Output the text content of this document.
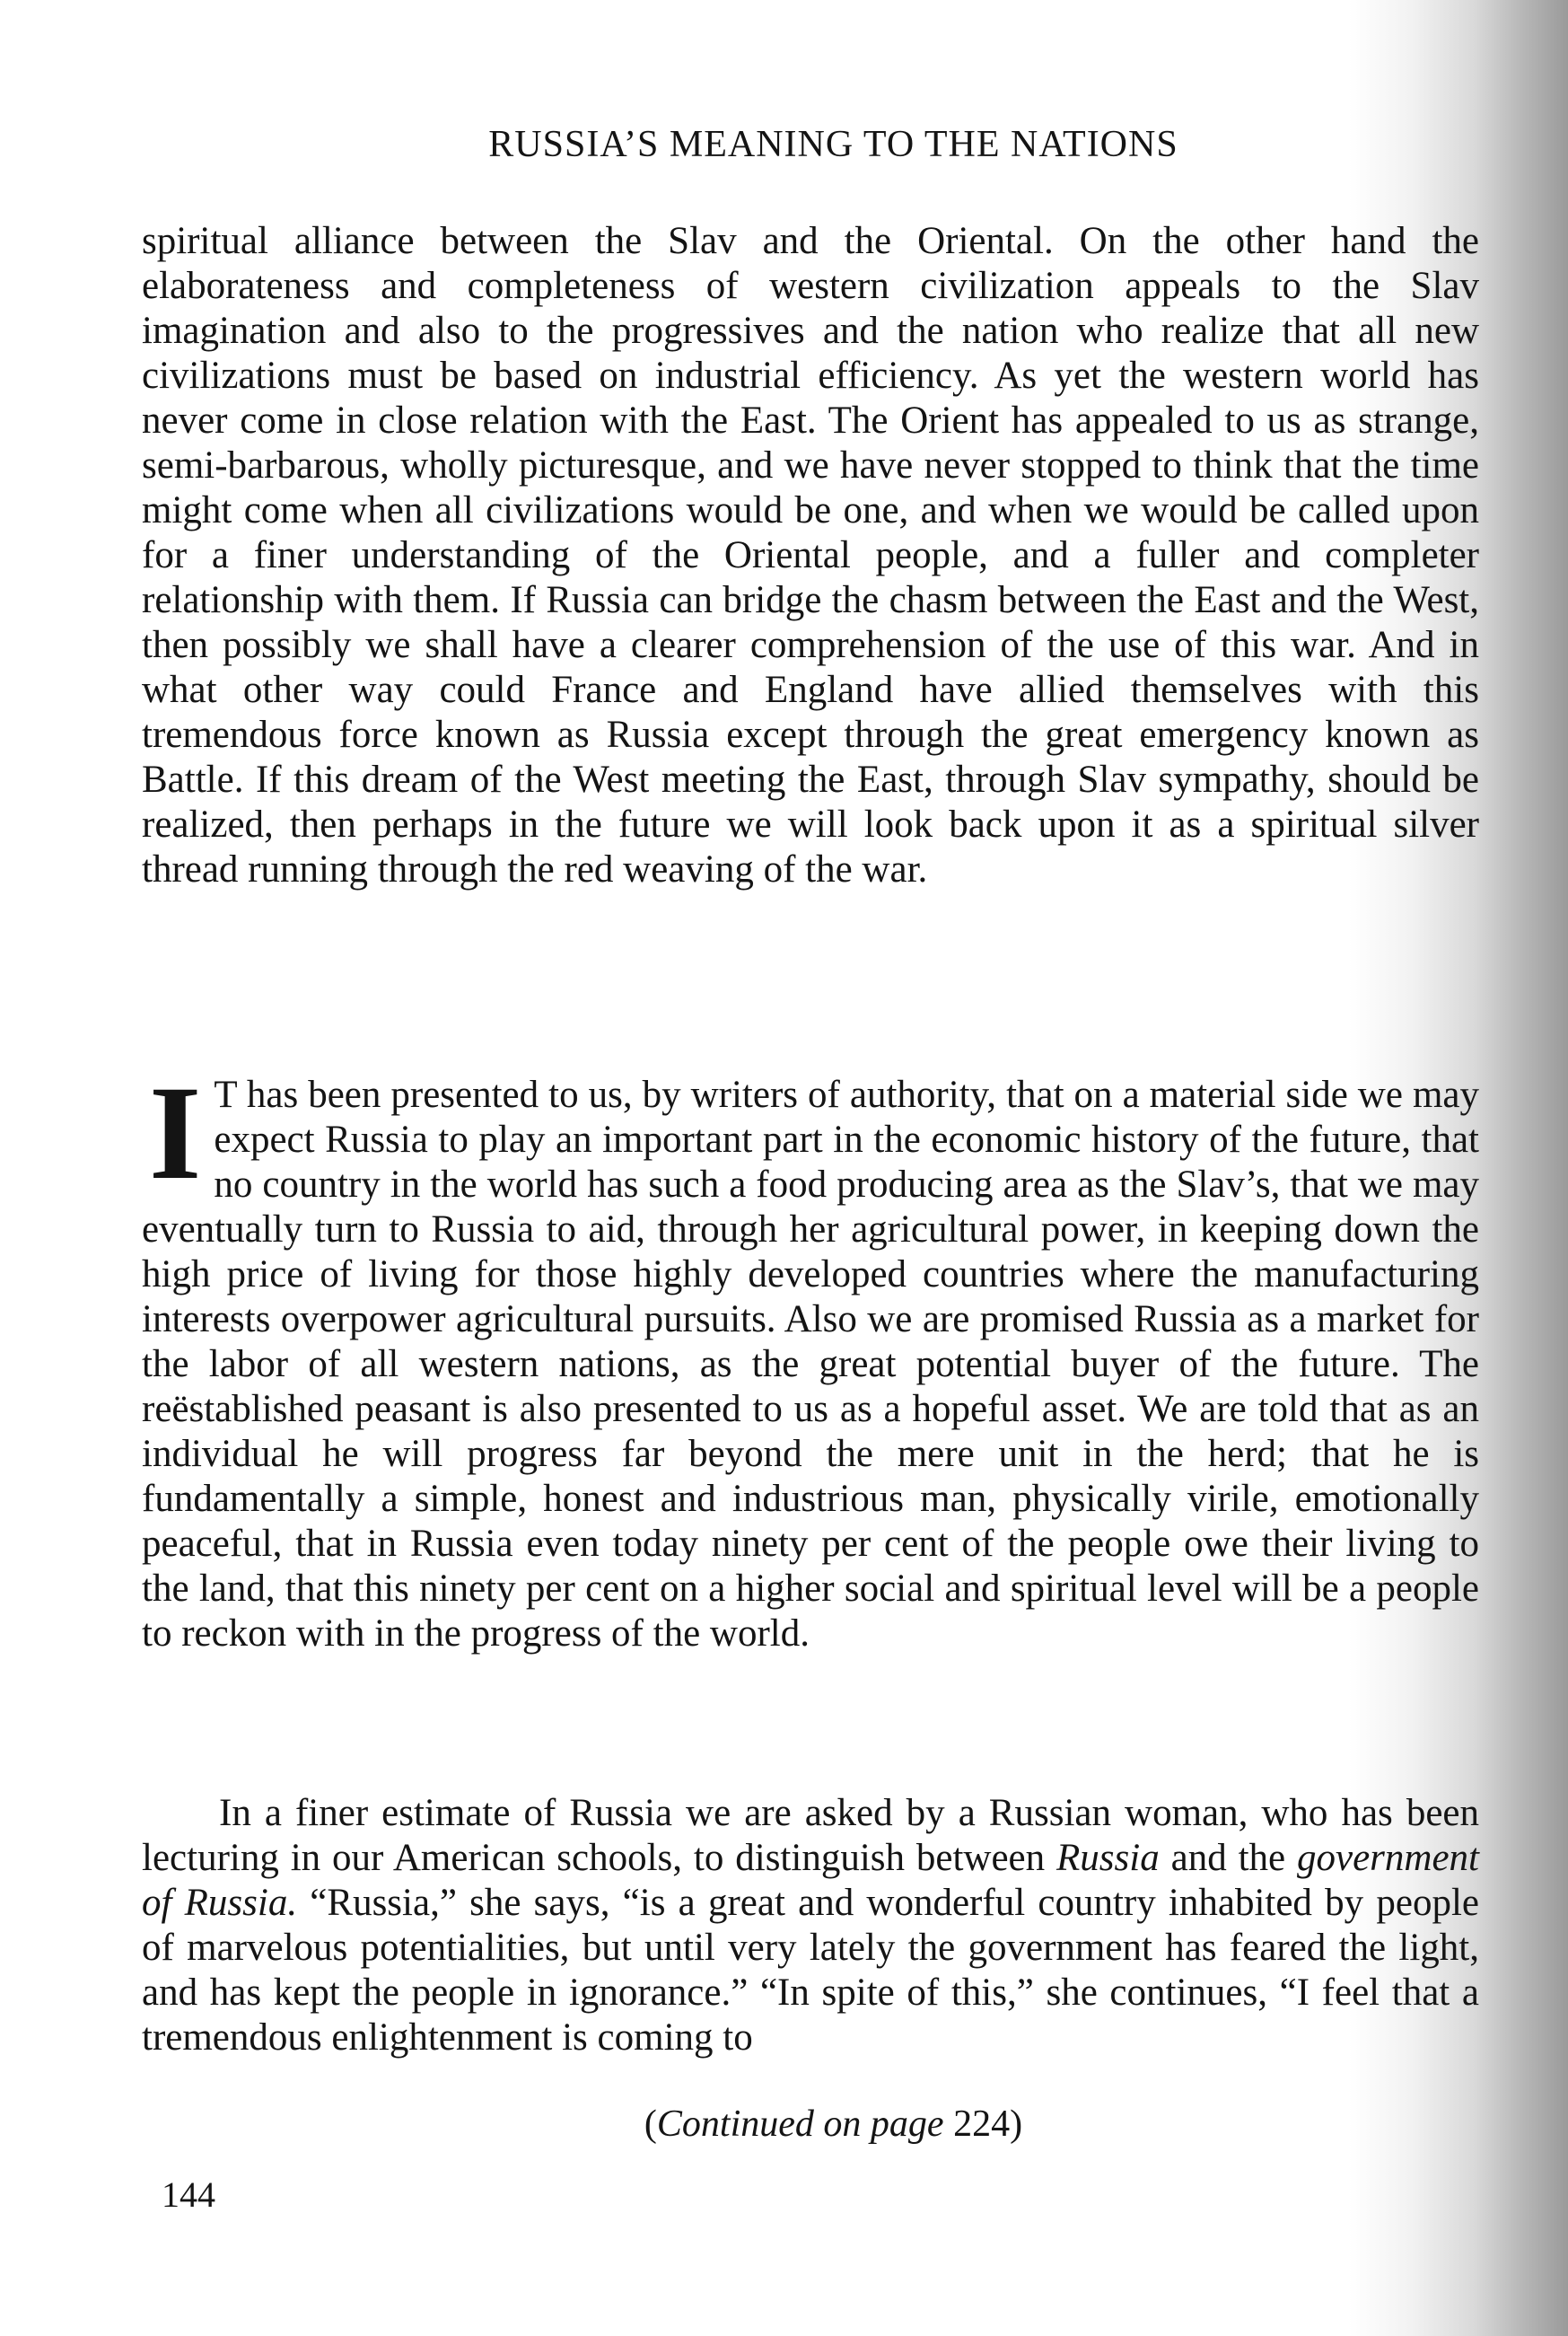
RUSSIA’S MEANING TO THE NATIONS

spiritual alliance between the Slav and the Oriental. On the other hand the elaborateness and completeness of western civilization appeals to the Slav imagination and also to the progressives and the nation who realize that all new civilizations must be based on industrial efficiency. As yet the western world has never come in close relation with the East. The Orient has appealed to us as strange, semi-barbarous, wholly picturesque, and we have never stopped to think that the time might come when all civilizations would be one, and when we would be called upon for a finer understanding of the Oriental people, and a fuller and completer relationship with them. If Russia can bridge the chasm between the East and the West, then possibly we shall have a clearer comprehension of the use of this war. And in what other way could France and England have allied themselves with this tremendous force known as Russia except through the great emergency known as Battle. If this dream of the West meeting the East, through Slav sympathy, should be realized, then perhaps in the future we will look back upon it as a spiritual silver thread running through the red weaving of the war.

I T has been presented to us, by writers of authority, that on a material side we may expect Russia to play an important part in the economic history of the future, that no country in the world has such a food producing area as the Slav’s, that we may eventually turn to Russia to aid, through her agricultural power, in keeping down the high price of living for those highly developed countries where the manufacturing interests overpower agricultural pursuits. Also we are promised Russia as a market for the labor of all western nations, as the great potential buyer of the future. The reëstablished peasant is also presented to us as a hopeful asset. We are told that as an individual he will progress far beyond the mere unit in the herd; that he is fundamentally a simple, honest and industrious man, physically virile, emotionally peaceful, that in Russia even today ninety per cent of the people owe their living to the land, that this ninety per cent on a higher social and spiritual level will be a people to reckon with in the progress of the world.

In a finer estimate of Russia we are asked by a Russian woman, who has been lecturing in our American schools, to distinguish between Russia and the government of Russia. “Russia,” she says, “is a great and wonderful country inhabited by people of marvelous potentialities, but until very lately the government has feared the light, and has kept the people in ignorance.” “In spite of this,” she continues, “I feel that a tremendous enlightenment is coming to

(Continued on page 224)
144
